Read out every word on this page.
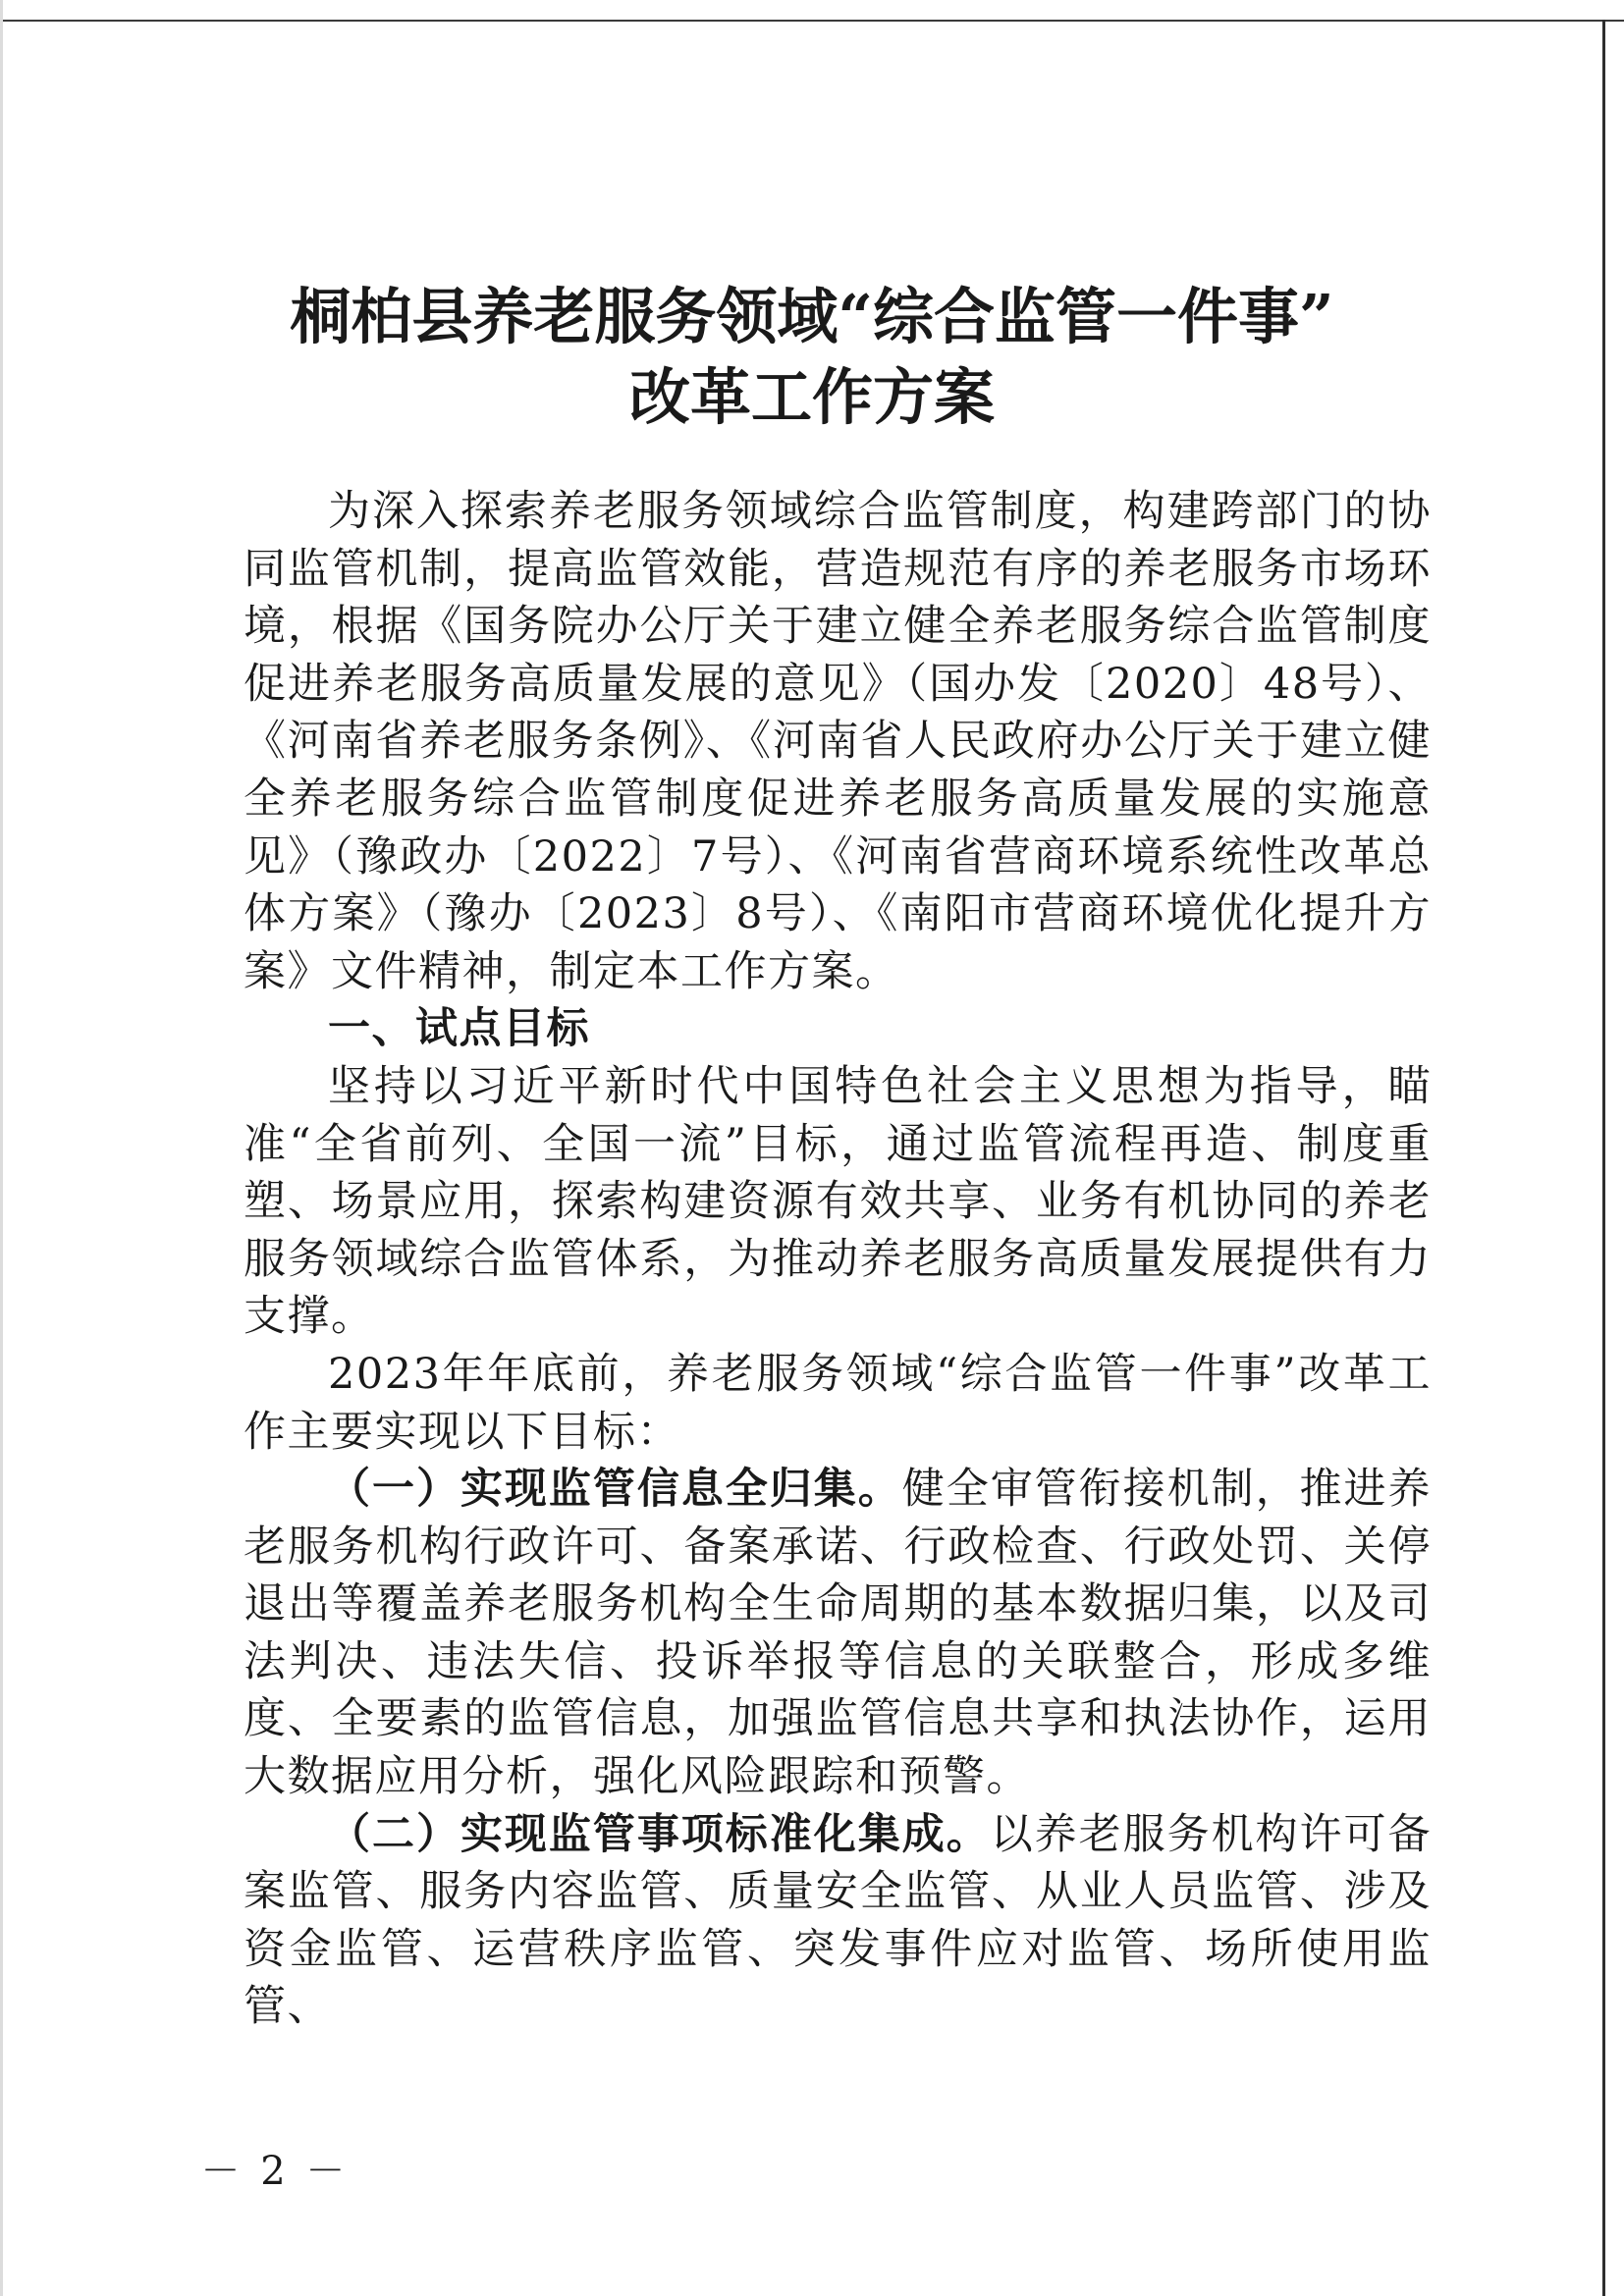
桐柏县养老服务领域“综合监管一件事”
改革工作方案

为深入探索养老服务领域综合监管制度，构建跨部门的协同监管机制，提高监管效能，营造规范有序的养老服务市场环境，根据《国务院办公厅关于建立健全养老服务综合监管制度促进养老服务高质量发展的意见》（国办发〔2020〕48号）、《河南省养老服务条例》、《河南省人民政府办公厅关于建立健全养老服务综合监管制度促进养老服务高质量发展的实施意见》（豫政办〔2022〕7号）、《河南省营商环境系统性改革总体方案》（豫办〔2023〕8号）、《南阳市营商环境优化提升方案》文件精神，制定本工作方案。

一、试点目标

坚持以习近平新时代中国特色社会主义思想为指导，瞄准“全省前列、全国一流”目标，通过监管流程再造、制度重塑、场景应用，探索构建资源有效共享、业务有机协同的养老服务领域综合监管体系，为推动养老服务高质量发展提供有力支撑。

2023年年底前，养老服务领域“综合监管一件事”改革工作主要实现以下目标：

（一）实现监管信息全归集。健全审管衔接机制，推进养老服务机构行政许可、备案承诺、行政检查、行政处罚、关停退出等覆盖养老服务机构全生命周期的基本数据归集，以及司法判决、违法失信、投诉举报等信息的关联整合，形成多维度、全要素的监管信息，加强监管信息共享和执法协作，运用大数据应用分析，强化风险跟踪和预警。

（二）实现监管事项标准化集成。以养老服务机构许可备案监管、服务内容监管、质量安全监管、从业人员监管、涉及资金监管、运营秩序监管、突发事件应对监管、场所使用监管、

－ 2 －
